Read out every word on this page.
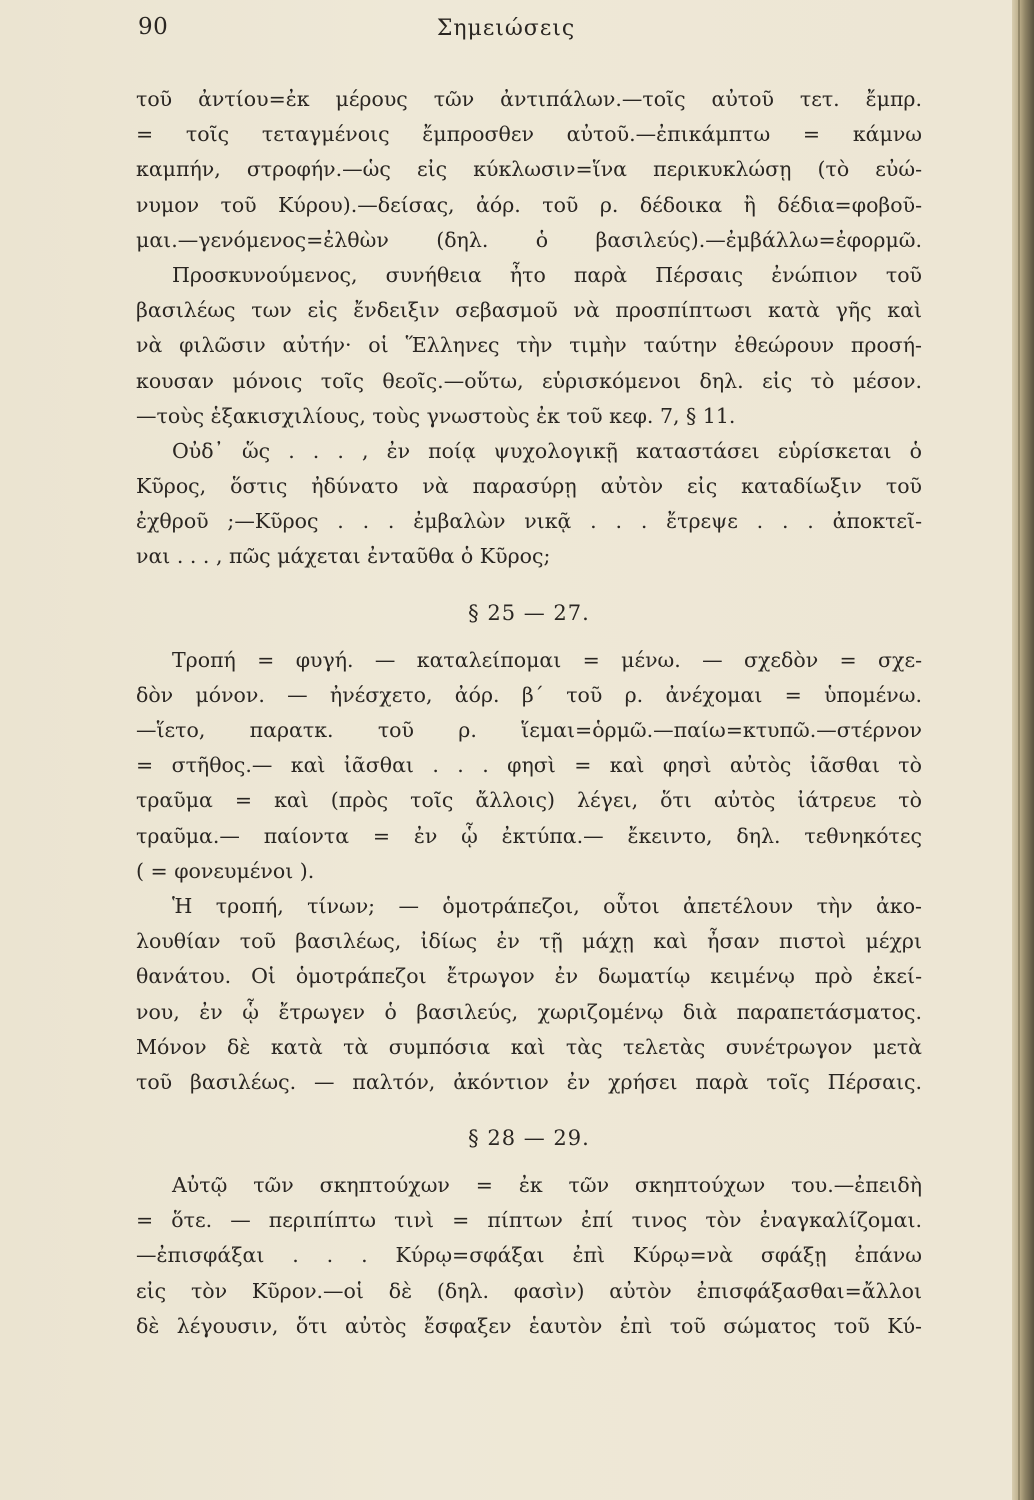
90	Σημειώσεις
τοῦ ἀντίου=ἐκ μέρους τῶν ἀντιπάλων.—τοῖς αὐτοῦ τετ. ἔμπρ.
= τοῖς τεταγμένοις ἔμπροσθεν αὐτοῦ.—ἐπικάμπτω = κάμνω
καμπήν, στροφήν.—ὡς εἰς κύκλωσιν=ἵνα περικυκλώσῃ (τὸ εὐώ-
νυμον τοῦ Κύρου).—δείσας, ἀόρ. τοῦ ρ. δέδοικα ἢ δέδια=φοβοῦ-
μαι.—γενόμενος=ἐλθὼν (δηλ. ὁ βασιλεύς).—ἐμβάλλω=ἐφορμῶ.
Προσκυνούμενος, συνήθεια ἦτο παρὰ Πέρσαις ἐνώπιον τοῦ
βασιλέως των εἰς ἔνδειξιν σεβασμοῦ νὰ προσπίπτωσι κατὰ γῆς καὶ
νὰ φιλῶσιν αὐτήν· οἱ Ἕλληνες τὴν τιμὴν ταύτην ἐθεώρουν προσή-
κουσαν μόνοις τοῖς θεοῖς.—οὕτω, εὑρισκόμενοι δηλ. εἰς τὸ μέσον.
—τοὺς ἑξακισχιλίους, τοὺς γνωστοὺς ἐκ τοῦ κεφ. 7, § 11.
Οὐδ᾽ ὥς . . . , ἐν ποίᾳ ψυχολογικῇ καταστάσει εὑρίσκεται ὁ
Κῦρος, ὅστις ἠδύνατο νὰ παρασύρῃ αὐτὸν εἰς καταδίωξιν τοῦ
ἐχθροῦ ;—Κῦρος . . . ἐμβαλὼν νικᾷ . . . ἔτρεψε . . . ἀποκτεῖ-
ναι . . . , πῶς μάχεται ἐνταῦθα ὁ Κῦρος;
§ 25 — 27.
Τροπή = φυγή. — καταλείπομαι = μένω. — σχεδὸν = σχε-
δὸν μόνον. — ἠνέσχετο, ἀόρ. β΄ τοῦ ρ. ἀνέχομαι = ὑπομένω.
—ἵετο, παρατκ. τοῦ ρ. ἵεμαι=ὁρμῶ.—παίω=κτυπῶ.—στέρνον
= στῆθος.— καὶ ἰᾶσθαι . . . φησὶ = καὶ φησὶ αὐτὸς ἰᾶσθαι τὸ
τραῦμα = καὶ (πρὸς τοῖς ἄλλοις) λέγει, ὅτι αὐτὸς ἰάτρευε τὸ
τραῦμα.— παίοντα = ἐν ᾧ ἐκτύπα.— ἔκειντο, δηλ. τεθνηκότες
( = φονευμένοι ).
Ἡ τροπή, τίνων; — ὁμοτράπεζοι, οὗτοι ἀπετέλουν τὴν ἀκο-
λουθίαν τοῦ βασιλέως, ἰδίως ἐν τῇ μάχῃ καὶ ἦσαν πιστοὶ μέχρι
θανάτου. Οἱ ὁμοτράπεζοι ἔτρωγον ἐν δωματίῳ κειμένῳ πρὸ ἐκεί-
νου, ἐν ᾧ ἔτρωγεν ὁ βασιλεύς, χωριζομένῳ διὰ παραπετάσματος.
Μόνον δὲ κατὰ τὰ συμπόσια καὶ τὰς τελετὰς συνέτρωγον μετὰ
τοῦ βασιλέως. — παλτόν, ἀκόντιον ἐν χρήσει παρὰ τοῖς Πέρσαις.
§ 28 — 29.
Αὐτῷ τῶν σκηπτούχων = ἐκ τῶν σκηπτούχων του.—ἐπειδὴ
= ὅτε. — περιπίπτω τινὶ = πίπτων ἐπί τινος τὸν ἐναγκαλίζομαι.
—ἐπισφάξαι . . . Κύρῳ=σφάξαι ἐπὶ Κύρῳ=νὰ σφάξῃ ἐπάνω
εἰς τὸν Κῦρον.—οἱ δὲ (δηλ. φασὶν) αὐτὸν ἐπισφάξασθαι=ἄλλοι
δὲ λέγουσιν, ὅτι αὐτὸς ἔσφαξεν ἑαυτὸν ἐπὶ τοῦ σώματος τοῦ Κύ-
